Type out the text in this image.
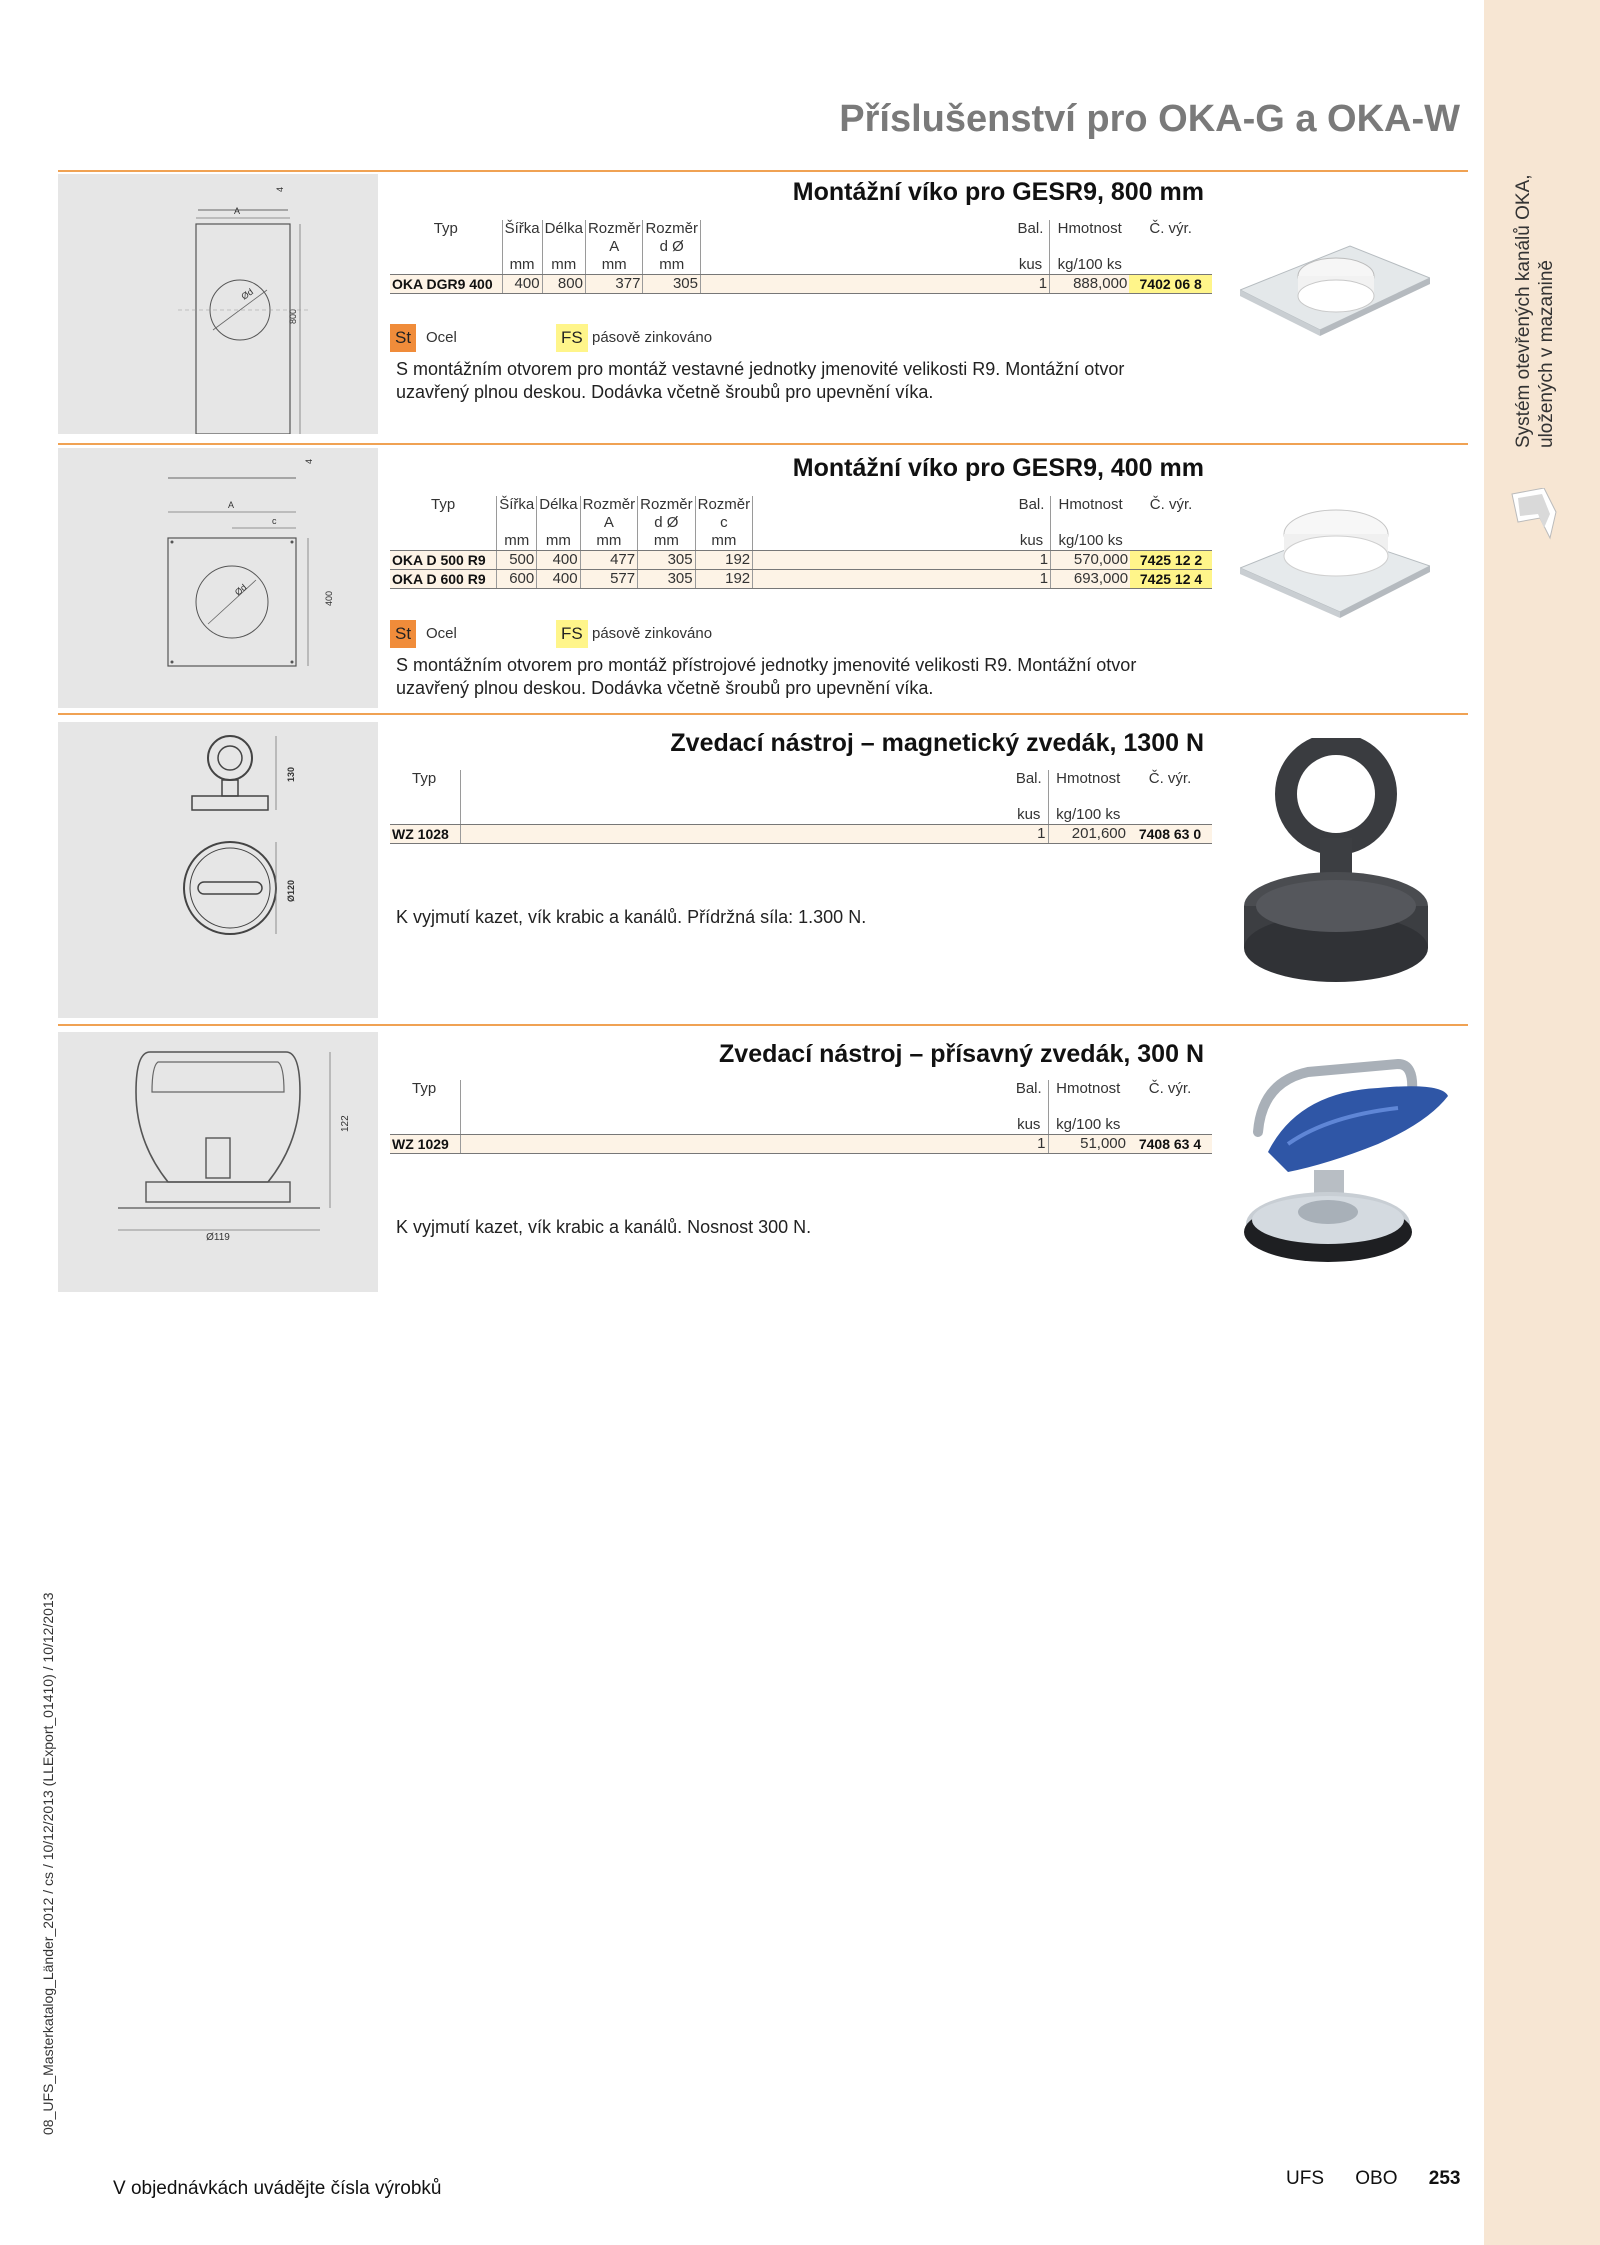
Systém otevřených kanálů OKA, uložených v mazanině
Příslušenství pro OKA-G a OKA-W
4
A
Ød
800
Montážní víko pro GESR9, 800 mm
Typ	Šířka	Délka	Rozměr
A	Rozměr
d Ø		Bal.	Hmotnost	Č. výr.
	mm	mm	mm	mm		kus	kg/100 ks	
OKA DGR9 400	400	800	377	305		1	888,000	7402 06 8
St Ocel	FS pásově zinkováno
S montážním otvorem pro montáž vestavné jednotky jmenovité velikosti R9. Montážní otvor uzavřený plnou deskou. Dodávka včetně šroubů pro upevnění víka.
4
A
c
Ød
400
Montážní víko pro GESR9, 400 mm
Typ	Šířka	Délka	Rozměr
A	Rozměr
d Ø	Rozměr
c		Bal.	Hmotnost	Č. výr.
	mm	mm	mm	mm	mm		kus	kg/100 ks	
OKA D 500 R9	500	400	477	305	192		1	570,000	7425 12 2
OKA D 600 R9	600	400	577	305	192		1	693,000	7425 12 4
St Ocel	FS pásově zinkováno
S montážním otvorem pro montáž přístrojové jednotky jmenovité velikosti R9. Montážní otvor uzavřený plnou deskou. Dodávka včetně šroubů pro upevnění víka.
130
Ø120
Zvedací nástroj – magnetický zvedák, 1300 N
Typ		Bal.	Hmotnost	Č. výr.

		kus	kg/100 ks	
WZ 1028		1	201,600	7408 63 0
K vyjmutí kazet, vík krabic a kanálů. Přídržná síla: 1.300 N.
Ø119
122
Zvedací nástroj – přísavný zvedák, 300 N
Typ		Bal.	Hmotnost	Č. výr.

		kus	kg/100 ks	
WZ 1029		1	51,000	7408 63 4
K vyjmutí kazet, vík krabic a kanálů. Nosnost 300 N.
08_UFS_Masterkatalog_Länder_2012 / cs / 10/12/2013 (LLExport_01410) / 10/12/2013
V objednávkách uvádějte čísla výrobků	UFS OBO 253
